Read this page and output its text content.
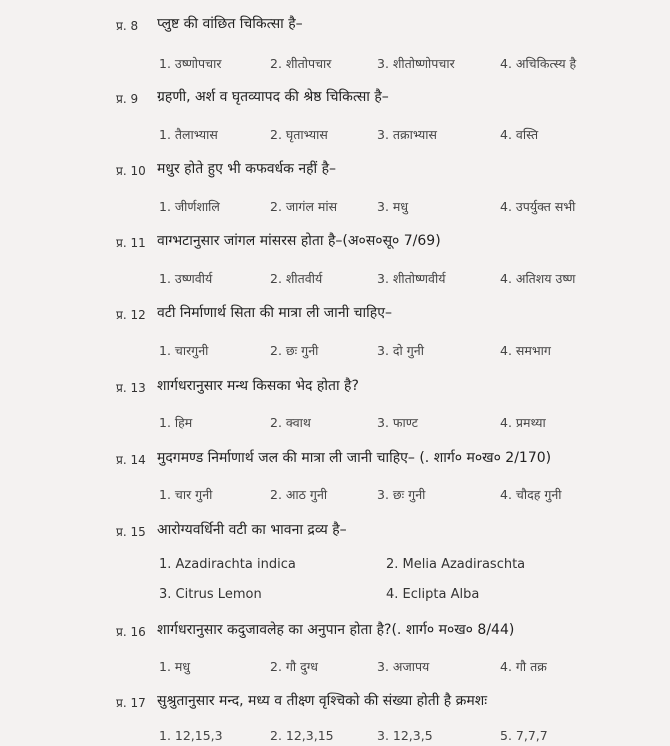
प्र. 8 प्लुष्ट की वांछित चिकित्सा है–
1. उष्णोपचार	2. शीतोपचार	3. शीतोष्णोपचार	4. अचिकित्स्य है
प्र. 9 ग्रहणी, अर्श व घृतव्यापद की श्रेष्ठ चिकित्सा है–
1. तैलाभ्यास	2. घृताभ्यास	3. तक्राभ्यास	4. वस्ति
प्र. 10 मधुर होते हुए भी कफवर्धक नहीं है–
1. जीर्णशालि	2. जागंल मांस	3. मधु	4. उपर्युक्त सभी
प्र. 11 वाग्भटानुसार जांगल मांसरस होता है–(अ०स०सू० 7/69)
1. उष्णवीर्य	2. शीतवीर्य	3. शीतोष्णवीर्य	4. अतिशय उष्ण
प्र. 12 वटी निर्माणार्थ सिता की मात्रा ली जानी चाहिए–
1. चारगुनी	2. छः गुनी	3. दो गुनी	4. समभाग
प्र. 13 शार्गधरानुसार मन्थ किसका भेद होता है?
1. हिम	2. क्वाथ	3. फाण्ट	4. प्रमथ्या
प्र. 14 मुदगमण्ड निर्माणार्थ जल की मात्रा ली जानी चाहिए– (. शार्ग० म०ख० 2/170)
1. चार गुनी	2. आठ गुनी	3. छः गुनी	4. चौदह गुनी
प्र. 15 आरोग्यवर्धिनी वटी का भावना द्रव्य है–
1. Azadirachta indica	2. Melia Azadiraschta
3. Citrus Lemon	4. Eclipta Alba
प्र. 16 शार्गधरानुसार कदुजावलेह का अनुपान होता है?(. शार्ग० म०ख० 8/44)
1. मधु	2. गौ दुग्ध	3. अजापय	4. गौ तक्र
प्र. 17 सुश्रुतानुसार मन्द, मध्य व तीक्ष्ण वृश्चिको की संख्या होती है क्रमशः
1. 12,15,3	2. 12,3,15	3. 12,3,5	5. 7,7,7
